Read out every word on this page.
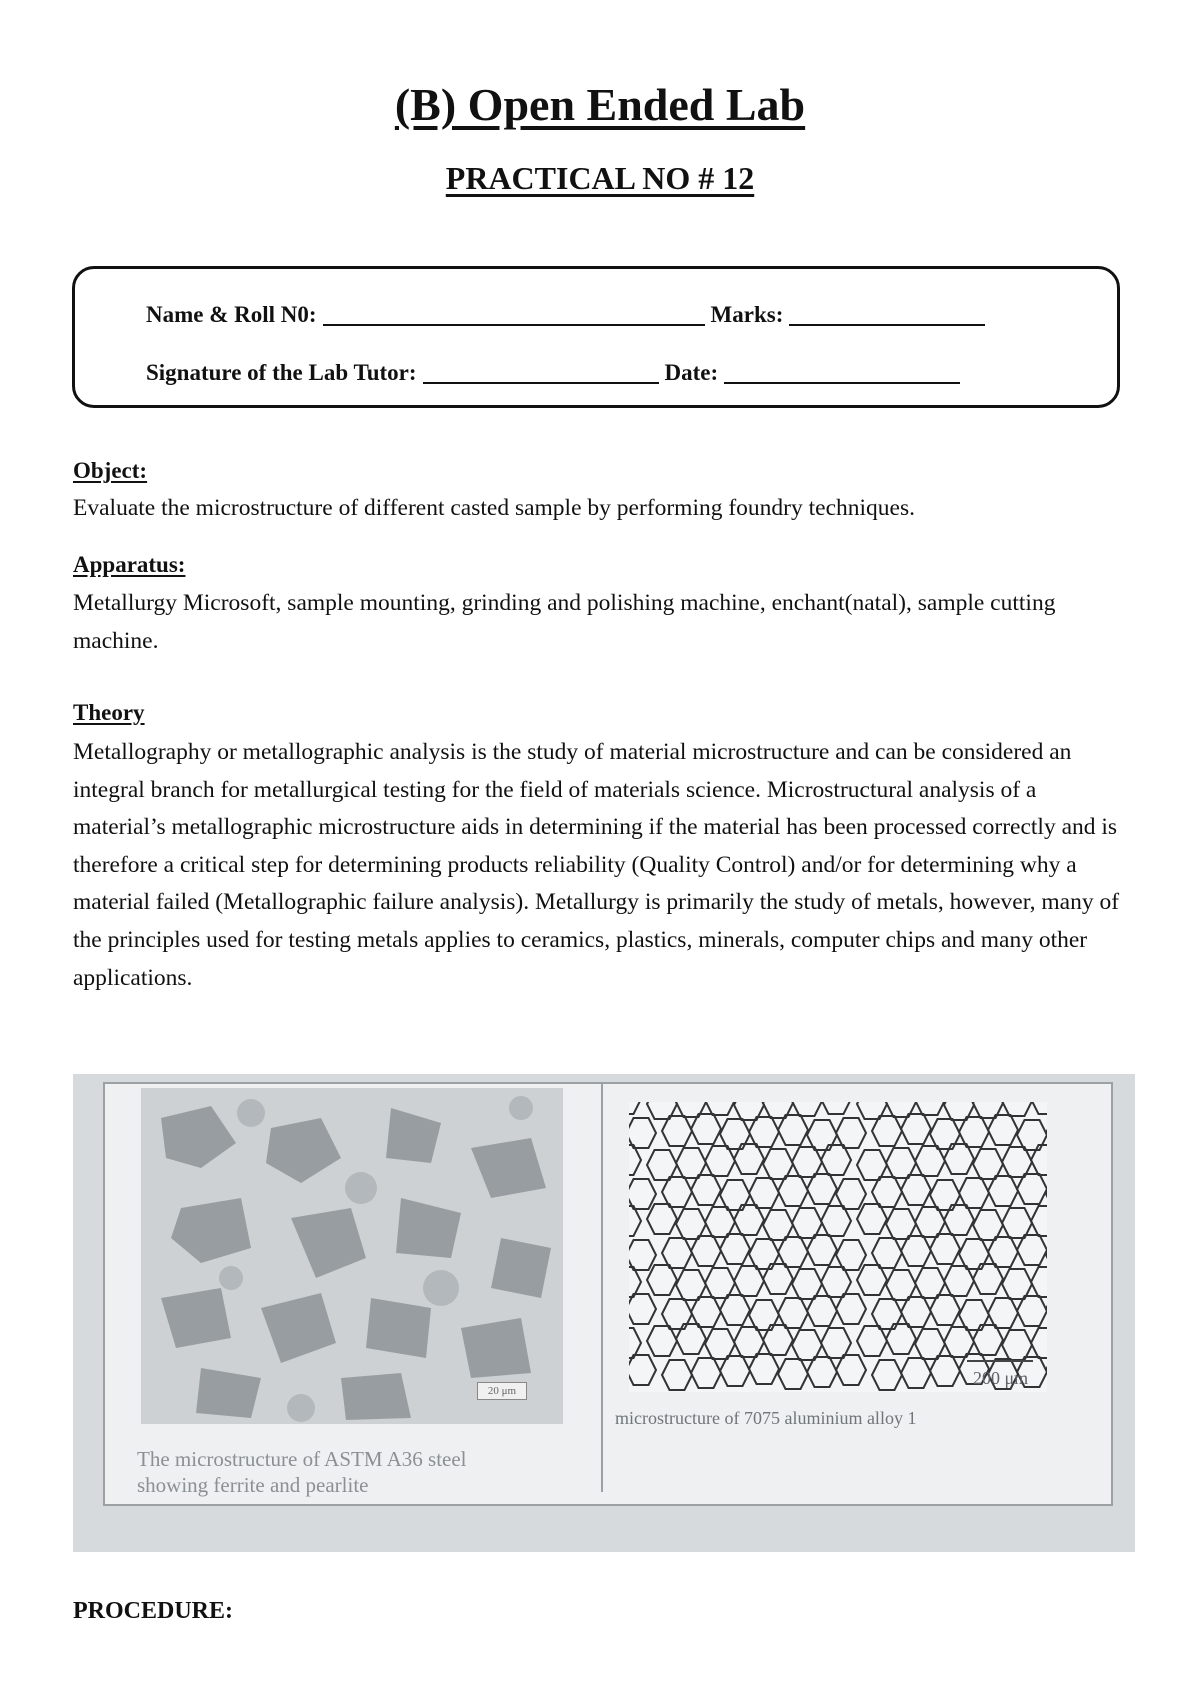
(B) Open Ended Lab
PRACTICAL NO # 12
Name & Roll N0:	Marks:
Signature of the Lab Tutor:	Date:
Object:
Evaluate the microstructure of different casted sample by performing foundry techniques.
Apparatus:
Metallurgy Microsoft, sample mounting, grinding and polishing machine, enchant(natal), sample cutting machine.
Theory
Metallography or metallographic analysis is the study of material microstructure and can be considered an integral branch for metallurgical testing for the field of materials science. Microstructural analysis of a material’s metallographic microstructure aids in determining if the material has been processed correctly and is therefore a critical step for determining products reliability (Quality Control) and/or for determining why a material failed (Metallographic failure analysis). Metallurgy is primarily the study of metals, however, many of the principles used for testing metals applies to ceramics, plastics, minerals, computer chips and many other applications.
20 μm
200 μm
The microstructure of ASTM A36 steel
showing ferrite and pearlite
microstructure of 7075 aluminium alloy 1
PROCEDURE:
